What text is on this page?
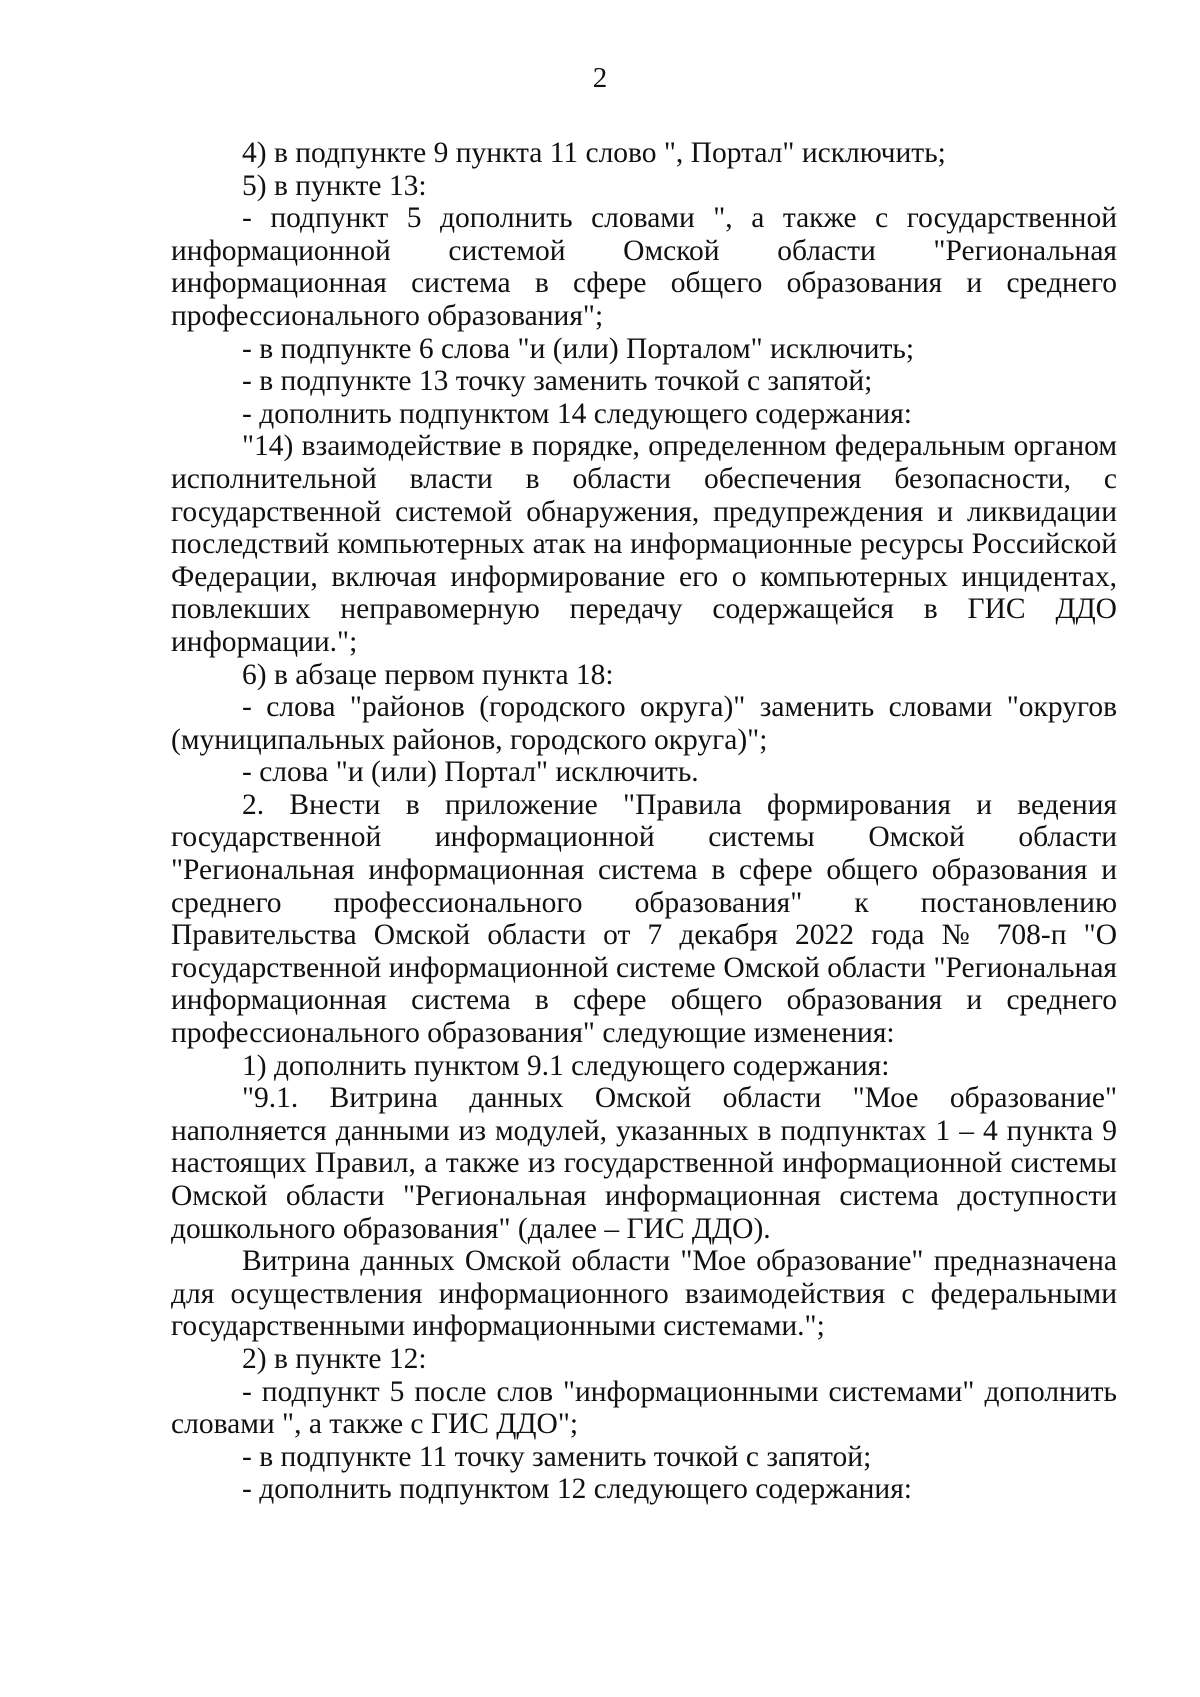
2

4) в подпункте 9 пункта 11 слово ", Портал" исключить;

5) в пункте 13:

- подпункт 5 дополнить словами ", а также с государственной информационной системой Омской области "Региональная информационная система в сфере общего образования и среднего профессионального образования";

- в подпункте 6 слова "и (или) Порталом" исключить;

- в подпункте 13 точку заменить точкой с запятой;

- дополнить подпунктом 14 следующего содержания:

"14) взаимодействие в порядке, определенном федеральным органом исполнительной власти в области обеспечения безопасности, с государственной системой обнаружения, предупреждения и ликвидации последствий компьютерных атак на информационные ресурсы Российской Федерации, включая информирование его о компьютерных инцидентах, повлекших неправомерную передачу содержащейся в ГИС ДДО информации.";

6) в абзаце первом пункта 18:

- слова "районов (городского округа)" заменить словами "округов (муниципальных районов, городского округа)";

- слова "и (или) Портал" исключить.

2. Внести в приложение "Правила формирования и ведения государственной информационной системы Омской области "Региональная информационная система в сфере общего образования и среднего профессионального образования" к постановлению Правительства Омской области от 7 декабря 2022 года № 708-п "О государственной информационной системе Омской области "Региональная информационная система в сфере общего образования и среднего профессионального образования" следующие изменения:

1) дополнить пунктом 9.1 следующего содержания:

"9.1. Витрина данных Омской области "Мое образование" наполняется данными из модулей, указанных в подпунктах 1 – 4 пункта 9 настоящих Правил, а также из государственной информационной системы Омской области "Региональная информационная система доступности дошкольного образования" (далее – ГИС ДДО).

Витрина данных Омской области "Мое образование" предназначена для осуществления информационного взаимодействия с федеральными государственными информационными системами.";

2) в пункте 12:

- подпункт 5 после слов "информационными системами" дополнить словами ", а также с ГИС ДДО";

- в подпункте 11 точку заменить точкой с запятой;

- дополнить подпунктом 12 следующего содержания:
